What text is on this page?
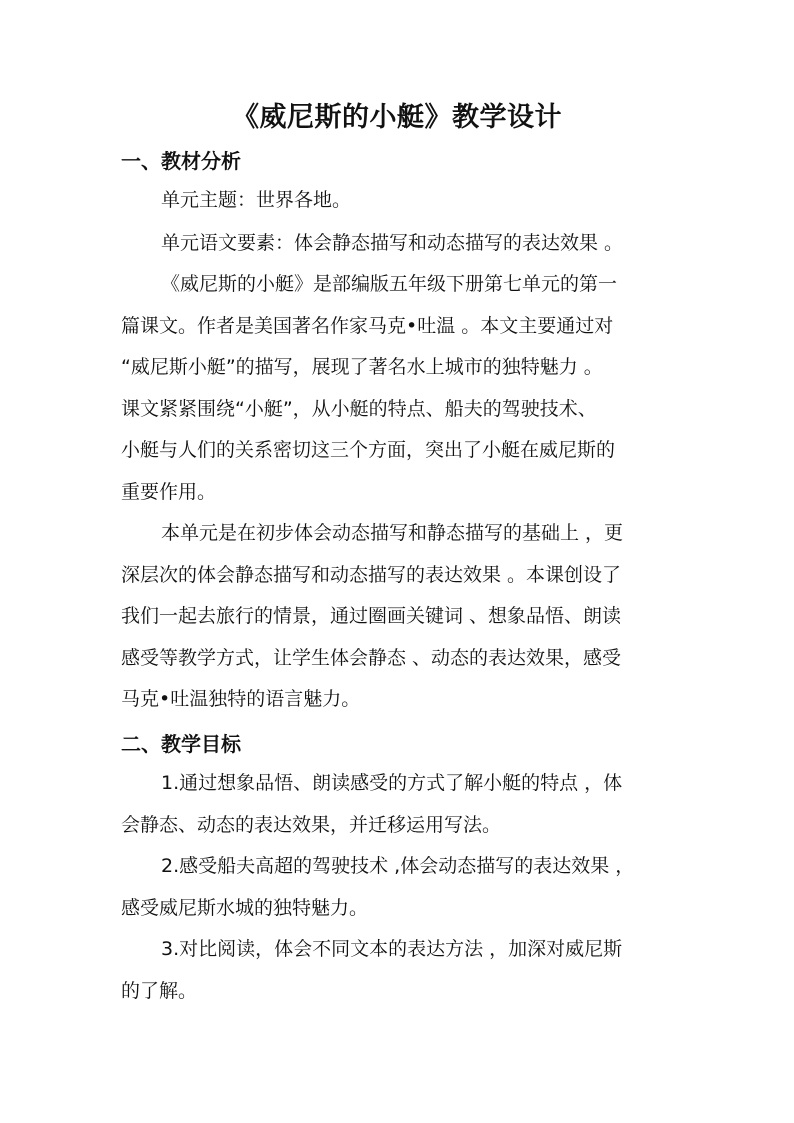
《威尼斯的小艇》教学设计
一、教材分析
单元主题：世界各地。
单元语文要素：体会静态描写和动态描写的表达效果 。
《威尼斯的小艇》是部编版五年级下册第七单元的第一
篇课文。作者是美国著名作家马克•吐温 。本文主要通过对
“威尼斯小艇”的描写，展现了著名水上城市的独特魅力 。
课文紧紧围绕“小艇”，从小艇的特点、船夫的驾驶技术、
小艇与人们的关系密切这三个方面，突出了小艇在威尼斯的
重要作用。
本单元是在初步体会动态描写和静态描写的基础上 ，更
深层次的体会静态描写和动态描写的表达效果 。本课创设了
我们一起去旅行的情景，通过圈画关键词 、想象品悟、朗读
感受等教学方式，让学生体会静态 、动态的表达效果，感受
马克•吐温独特的语言魅力。
二、教学目标
1.通过想象品悟、朗读感受的方式了解小艇的特点 ，体
会静态、动态的表达效果，并迁移运用写法。
2.感受船夫高超的驾驶技术 ,体会动态描写的表达效果 ，
感受威尼斯水城的独特魅力。
3.对比阅读，体会不同文本的表达方法 ，加深对威尼斯
的了解。
